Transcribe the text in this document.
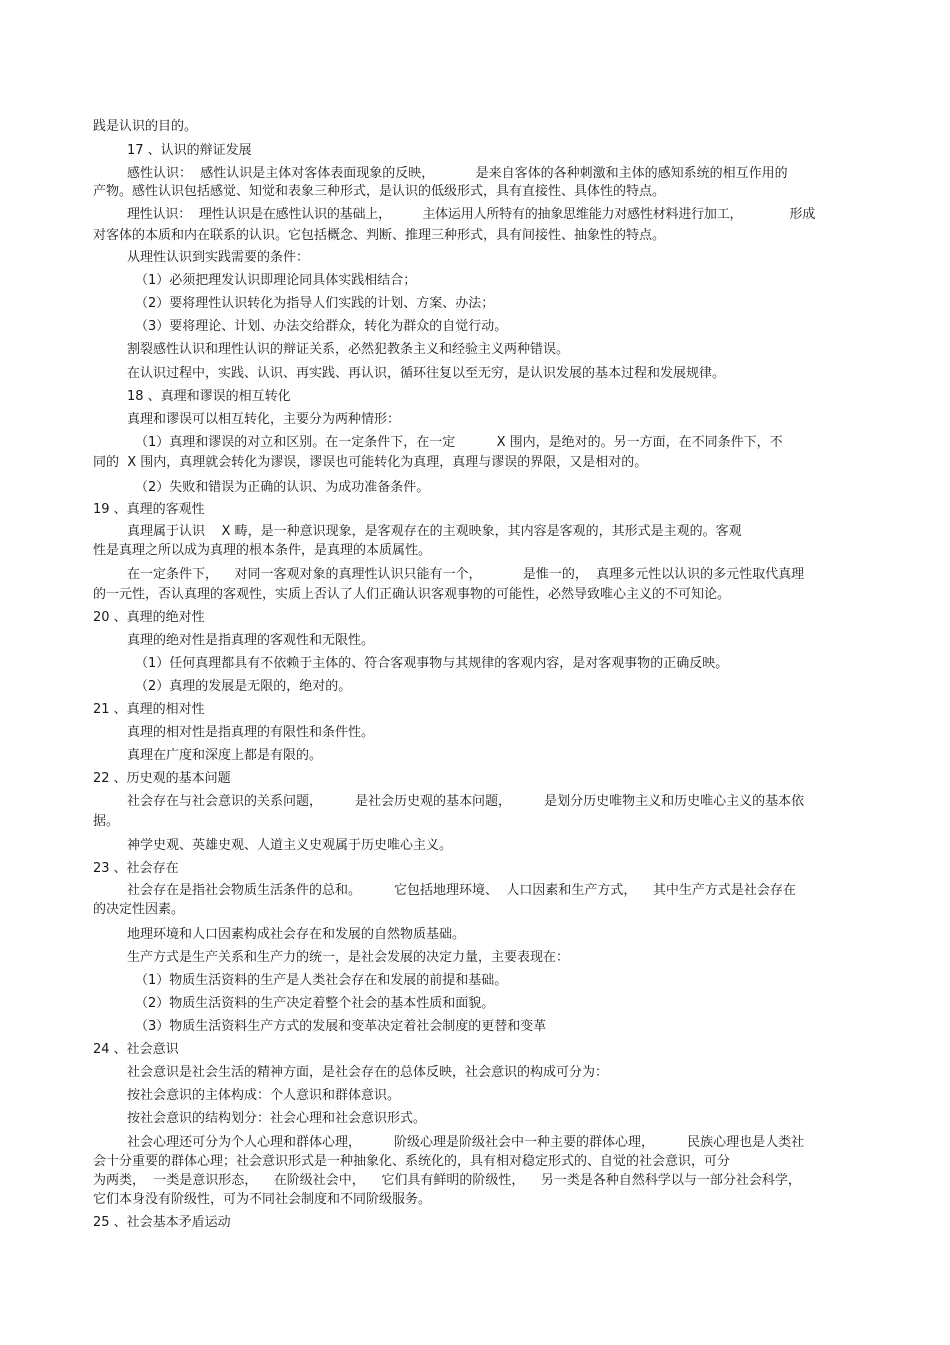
践是认识的目的。
17 、认识的辩证发展
感性认识：  感性认识是主体对客体表面现象的反映，          是来自客体的各种刺激和主体的感知系统的相互作用的
产物。感性认识包括感觉、知觉和表象三种形式，是认识的低级形式，具有直接性、具体性的特点。
理性认识：  理性认识是在感性认识的基础上，        主体运用人所特有的抽象思维能力对感性材料进行加工，            形成
对客体的本质和内在联系的认识。它包括概念、判断、推理三种形式，具有间接性、抽象性的特点。
从理性认识到实践需要的条件：
（1）必须把理发认识即理论同具体实践相结合；
（2）要将理性认识转化为指导人们实践的计划、方案、办法；
（3）要将理论、计划、办法交给群众，转化为群众的自觉行动。
割裂感性认识和理性认识的辩证关系，必然犯教条主义和经验主义两种错误。
在认识过程中，实践、认识、再实践、再认识，循环往复以至无穷，是认识发展的基本过程和发展规律。
18 、真理和谬误的相互转化
真理和谬误可以相互转化，主要分为两种情形：
（1）真理和谬误的对立和区别。在一定条件下，在一定          X 围内，是绝对的。另一方面，在不同条件下，不
同的  X 围内，真理就会转化为谬误，谬误也可能转化为真理，真理与谬误的界限，又是相对的。
（2）失败和错误为正确的认识、为成功准备条件。
19 、真理的客观性
真理属于认识    X 畴，是一种意识现象，是客观存在的主观映象，其内容是客观的，其形式是主观的。客观
性是真理之所以成为真理的根本条件，是真理的本质属性。
在一定条件下，    对同一客观对象的真理性认识只能有一个，          是惟一的，  真理多元性以认识的多元性取代真理
的一元性，否认真理的客观性，实质上否认了人们正确认识客观事物的可能性，必然导致唯心主义的不可知论。
20 、真理的绝对性
真理的绝对性是指真理的客观性和无限性。
（1）任何真理都具有不依赖于主体的、符合客观事物与其规律的客观内容，是对客观事物的正确反映。
（2）真理的发展是无限的，绝对的。
21 、真理的相对性
真理的相对性是指真理的有限性和条件性。
真理在广度和深度上都是有限的。
22 、历史观的基本问题
社会存在与社会意识的关系问题，        是社会历史观的基本问题，        是划分历史唯物主义和历史唯心主义的基本依
据。
神学史观、英雄史观、人道主义史观属于历史唯心主义。
23 、社会存在
社会存在是指社会物质生活条件的总和。        它包括地理环境、  人口因素和生产方式，    其中生产方式是社会存在
的决定性因素。
地理环境和人口因素构成社会存在和发展的自然物质基础。
生产方式是生产关系和生产力的统一，是社会发展的决定力量，主要表现在：
（1）物质生活资料的生产是人类社会存在和发展的前提和基础。
（2）物质生活资料的生产决定着整个社会的基本性质和面貌。
（3）物质生活资料生产方式的发展和变革决定着社会制度的更替和变革
24 、社会意识
社会意识是社会生活的精神方面，是社会存在的总体反映，社会意识的构成可分为：
按社会意识的主体构成：个人意识和群体意识。
按社会意识的结构划分：社会心理和社会意识形式。
社会心理还可分为个人心理和群体心理，        阶级心理是阶级社会中一种主要的群体心理，        民族心理也是人类社
会十分重要的群体心理；社会意识形式是一种抽象化、系统化的，具有相对稳定形式的、自觉的社会意识，可分
为两类，  一类是意识形态，    在阶级社会中，    它们具有鲜明的阶级性，    另一类是各种自然科学以与一部分社会科学，
它们本身没有阶级性，可为不同社会制度和不同阶级服务。
25 、社会基本矛盾运动
